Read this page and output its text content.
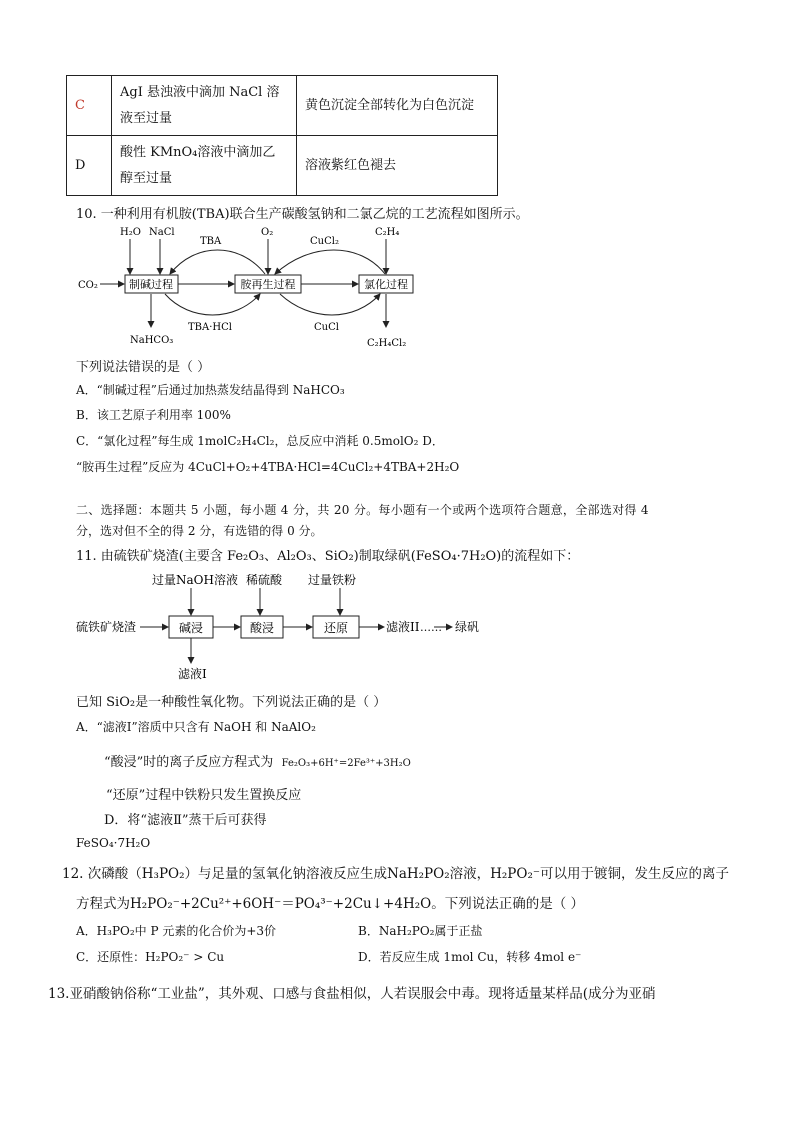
C	AgI 悬浊液中滴加 NaCl 溶液至过量	黄色沉淀全部转化为白色沉淀
D	酸性 KMnO₄溶液中滴加乙醇至过量	溶液紫红色褪去
10. 一种利用有机胺(TBA)联合生产碳酸氢钠和二氯乙烷的工艺流程如图所示。
制碱过程	胺再生过程	氯化过程
CO₂
H₂O NaCl	O₂	C₂H₄
TBA	CuCl₂
TBA·HCl	CuCl
NaHCO₃	C₂H₄Cl₂
下列说法错误的是（ ）
A．“制碱过程”后通过加热蒸发结晶得到 NaHCO₃
B．该工艺原子利用率 100%
C．“氯化过程”每生成 1molC₂H₄Cl₂，总反应中消耗 0.5molO₂ D．
“胺再生过程”反应为 4CuCl+O₂+4TBA·HCl=4CuCl₂+4TBA+2H₂O
二、选择题：本题共 5 小题，每小题 4 分，共 20 分。每小题有一个或两个选项符合题意，全部选对得 4
分，选对但不全的得 2 分，有选错的得 0 分。
11. 由硫铁矿烧渣(主要含 Fe₂O₃、Al₂O₃、SiO₂)制取绿矾(FeSO₄·7H₂O)的流程如下：
过量NaOH溶液 稀硫酸 过量铁粉
硫铁矿烧渣	碱浸	酸浸	还原	滤液II …… 绿矾
滤液I
已知 SiO₂是一种酸性氧化物。下列说法正确的是（ ）
A．“滤液Ⅰ”溶质中只含有 NaOH 和 NaAlO₂
“酸浸”时的离子反应方程式为 Fe₂O₃+6H⁺=2Fe³⁺+3H₂O
“还原”过程中铁粉只发生置换反应
D．将“滤液Ⅱ”蒸干后可获得
FeSO₄·7H₂O
12. 次磷酸（H₃PO₂）与足量的氢氧化钠溶液反应生成NaH₂PO₂溶液，H₂PO₂⁻可以用于镀铜，发生反应的离子
方程式为H₂PO₂⁻+2Cu²⁺+6OH⁻＝PO₄³⁻+2Cu↓+4H₂O。下列说法正确的是（ ）
A．H₃PO₂中 P 元素的化合价为+3价	B．NaH₂PO₂属于正盐
C．还原性：H₂PO₂⁻ > Cu	D．若反应生成 1mol Cu，转移 4mol e⁻
13.亚硝酸钠俗称“工业盐”，其外观、口感与食盐相似，人若误服会中毒。现将适量某样品(成分为亚硝
